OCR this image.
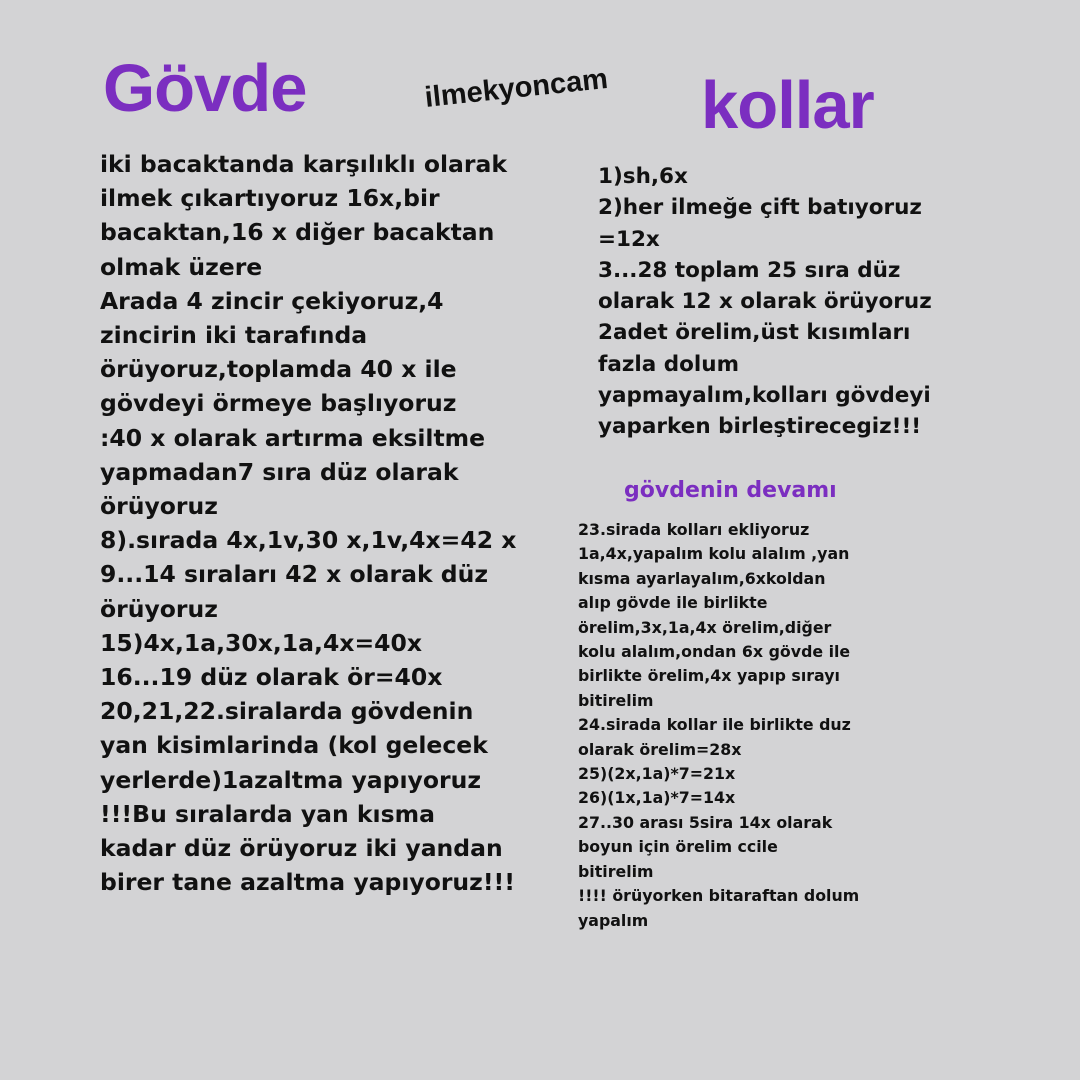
Gövde	ilmekyoncam kollar
iki bacaktanda karşılıklı olarak
ilmek çıkartıyoruz 16x,bir
bacaktan,16 x diğer bacaktan
olmak üzere
Arada 4 zincir çekiyoruz,4
zincirin iki tarafında
örüyoruz,toplamda 40 x ile
gövdeyi örmeye başlıyoruz
:40 x olarak artırma eksiltme
yapmadan7 sıra düz olarak
örüyoruz
8).sırada 4x,1v,30 x,1v,4x=42 x
9...14 sıraları 42 x olarak düz
örüyoruz
15)4x,1a,30x,1a,4x=40x
16...19 düz olarak ör=40x
20,21,22.siralarda gövdenin
yan kisimlarinda (kol gelecek
yerlerde)1azaltma yapıyoruz
!!!Bu sıralarda yan kısma
kadar düz örüyoruz iki yandan
birer tane azaltma yapıyoruz!!!
1)sh,6x
2)her ilmeğe çift batıyoruz
=12x
3...28 toplam 25 sıra düz
olarak 12 x olarak örüyoruz
2adet örelim,üst kısımları
fazla dolum
yapmayalım,kolları gövdeyi
yaparken birleştirecegiz!!!
gövdenin devamı
23.sirada kolları ekliyoruz
1a,4x,yapalım kolu alalım ,yan
kısma ayarlayalım,6xkoldan
alıp gövde ile birlikte
örelim,3x,1a,4x örelim,diğer
kolu alalım,ondan 6x gövde ile
birlikte örelim,4x yapıp sırayı
bitirelim
24.sirada kollar ile birlikte duz
olarak örelim=28x
25)(2x,1a)*7=21x
26)(1x,1a)*7=14x
27..30 arası 5sira 14x olarak
boyun için örelim ccile
bitirelim
!!!! örüyorken bitaraftan dolum
yapalım
